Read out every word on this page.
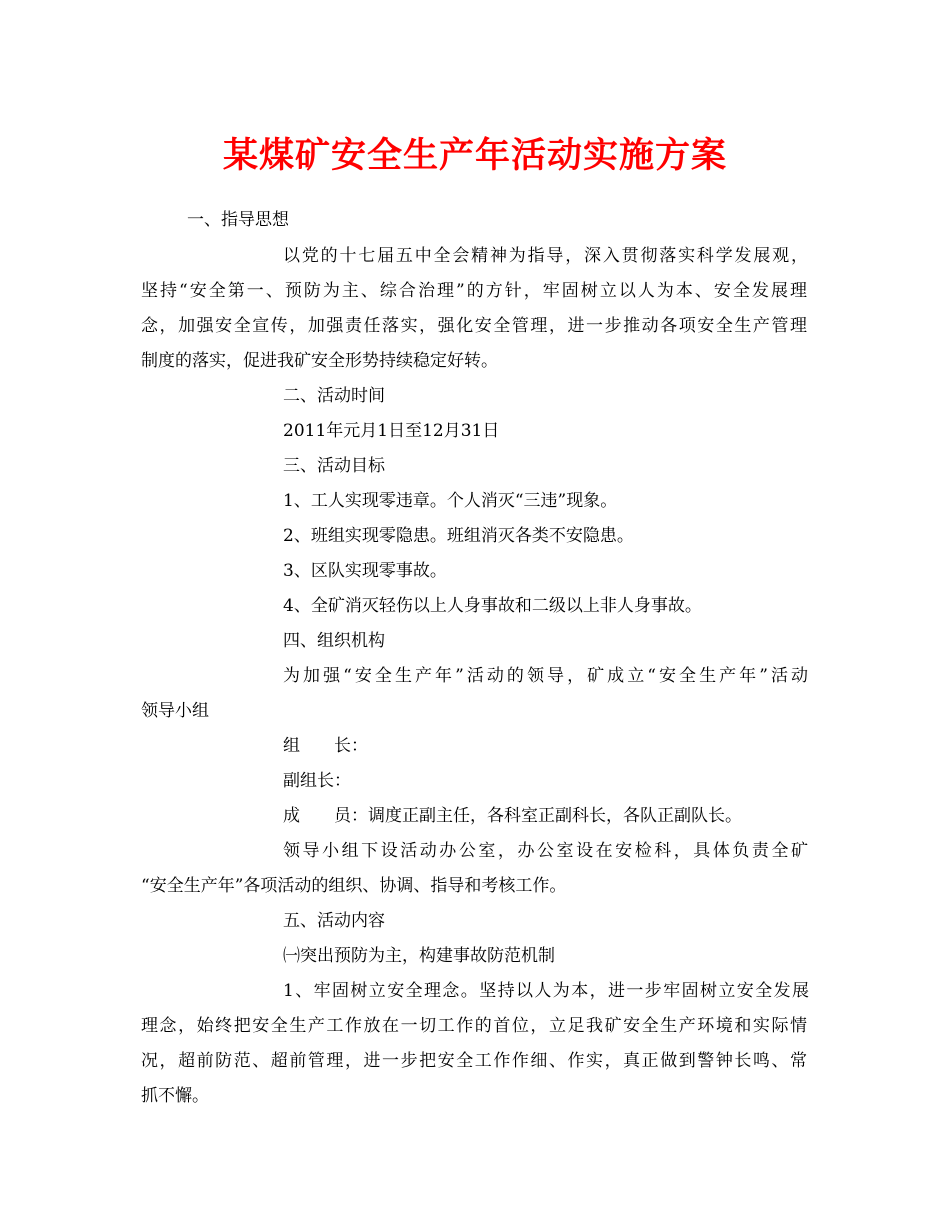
某煤矿安全生产年活动实施方案

一、指导思想

以党的十七届五中全会精神为指导，深入贯彻落实科学发展观，

坚持“安全第一、预防为主、综合治理”的方针，牢固树立以人为本、安全发展理

念，加强安全宣传，加强责任落实，强化安全管理，进一步推动各项安全生产管理

制度的落实，促进我矿安全形势持续稳定好转。

二、活动时间

2011年元月1日至12月31日

三、活动目标

1、工人实现零违章。个人消灭“三违”现象。

2、班组实现零隐患。班组消灭各类不安隐患。

3、区队实现零事故。

4、全矿消灭轻伤以上人身事故和二级以上非人身事故。

四、组织机构

为加强“安全生产年”活动的领导，矿成立“安全生产年”活动

领导小组

组　　长：

副组长：

成　　员：调度正副主任，各科室正副科长，各队正副队长。

领导小组下设活动办公室，办公室设在安检科，具体负责全矿

“安全生产年”各项活动的组织、协调、指导和考核工作。

五、活动内容

㈠突出预防为主，构建事故防范机制

1、牢固树立安全理念。坚持以人为本，进一步牢固树立安全发展

理念，始终把安全生产工作放在一切工作的首位，立足我矿安全生产环境和实际情

况，超前防范、超前管理，进一步把安全工作作细、作实，真正做到警钟长鸣、常

抓不懈。
